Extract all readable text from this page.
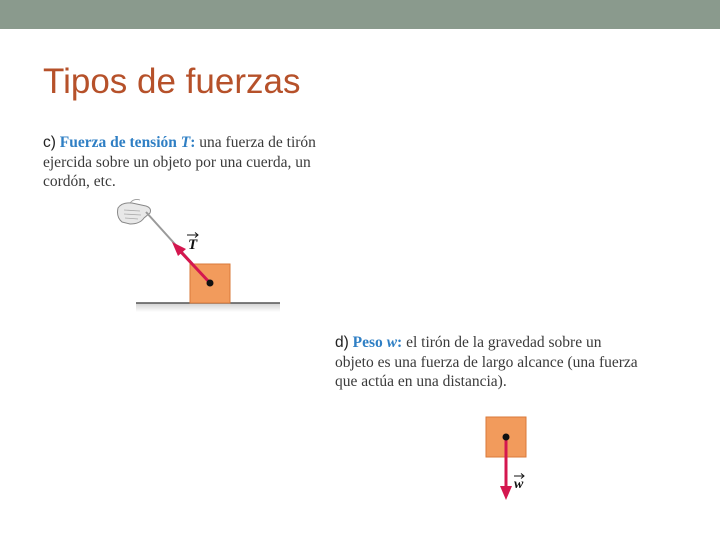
Tipos de fuerzas
c) Fuerza de tensión T: una fuerza de tirón
ejercida sobre un objeto por una cuerda, un
cordón, etc.
d) Peso w: el tirón de la gravedad sobre un
objeto es una fuerza de largo alcance (una fuerza
que actúa en una distancia).
T
w
